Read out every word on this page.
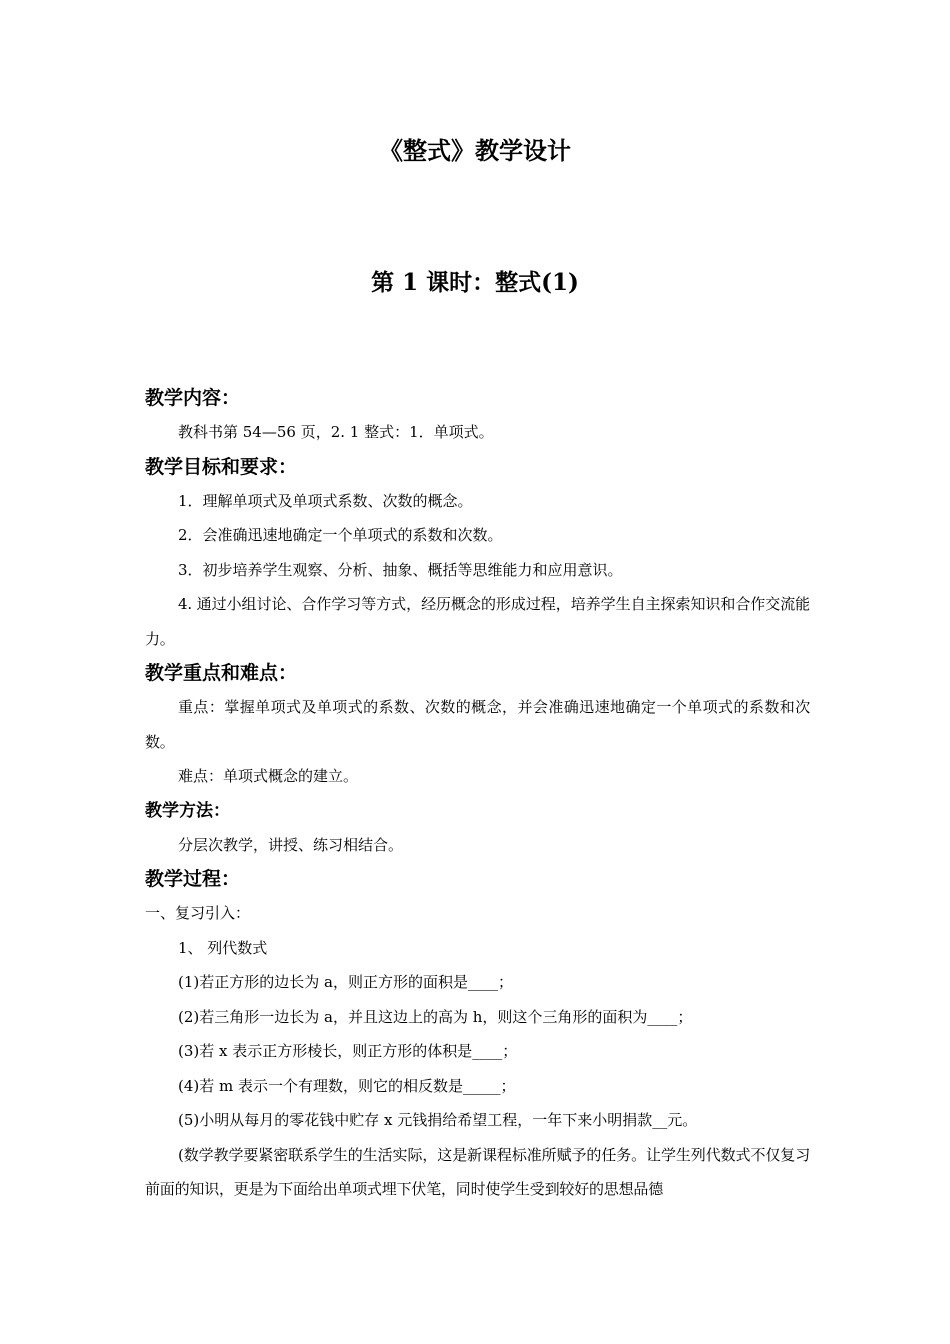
《整式》教学设计
第 1 课时：整式(1)
教学内容：
教科书第 54—56 页，2. 1 整式：1．单项式。
教学目标和要求：
1．理解单项式及单项式系数、次数的概念。
2．会准确迅速地确定一个单项式的系数和次数。
3．初步培养学生观察、分析、抽象、概括等思维能力和应用意识。
4. 通过小组讨论、合作学习等方式，经历概念的形成过程，培养学生自主探索知识和合作交流能力。
教学重点和难点：
重点：掌握单项式及单项式的系数、次数的概念，并会准确迅速地确定一个单项式的系数和次数。
难点：单项式概念的建立。
教学方法：
分层次教学，讲授、练习相结合。
教学过程：
一、复习引入：
1、 列代数式
(1)若正方形的边长为 a，则正方形的面积是____；
(2)若三角形一边长为 a，并且这边上的高为 h，则这个三角形的面积为____；
(3)若 x 表示正方形棱长，则正方形的体积是____；
(4)若 m 表示一个有理数，则它的相反数是_____；
(5)小明从每月的零花钱中贮存 x 元钱捐给希望工程，一年下来小明捐款__元。
(数学教学要紧密联系学生的生活实际，这是新课程标准所赋予的任务。让学生列代数式不仅复习前面的知识，更是为下面给出单项式埋下伏笔，同时使学生受到较好的思想品德
